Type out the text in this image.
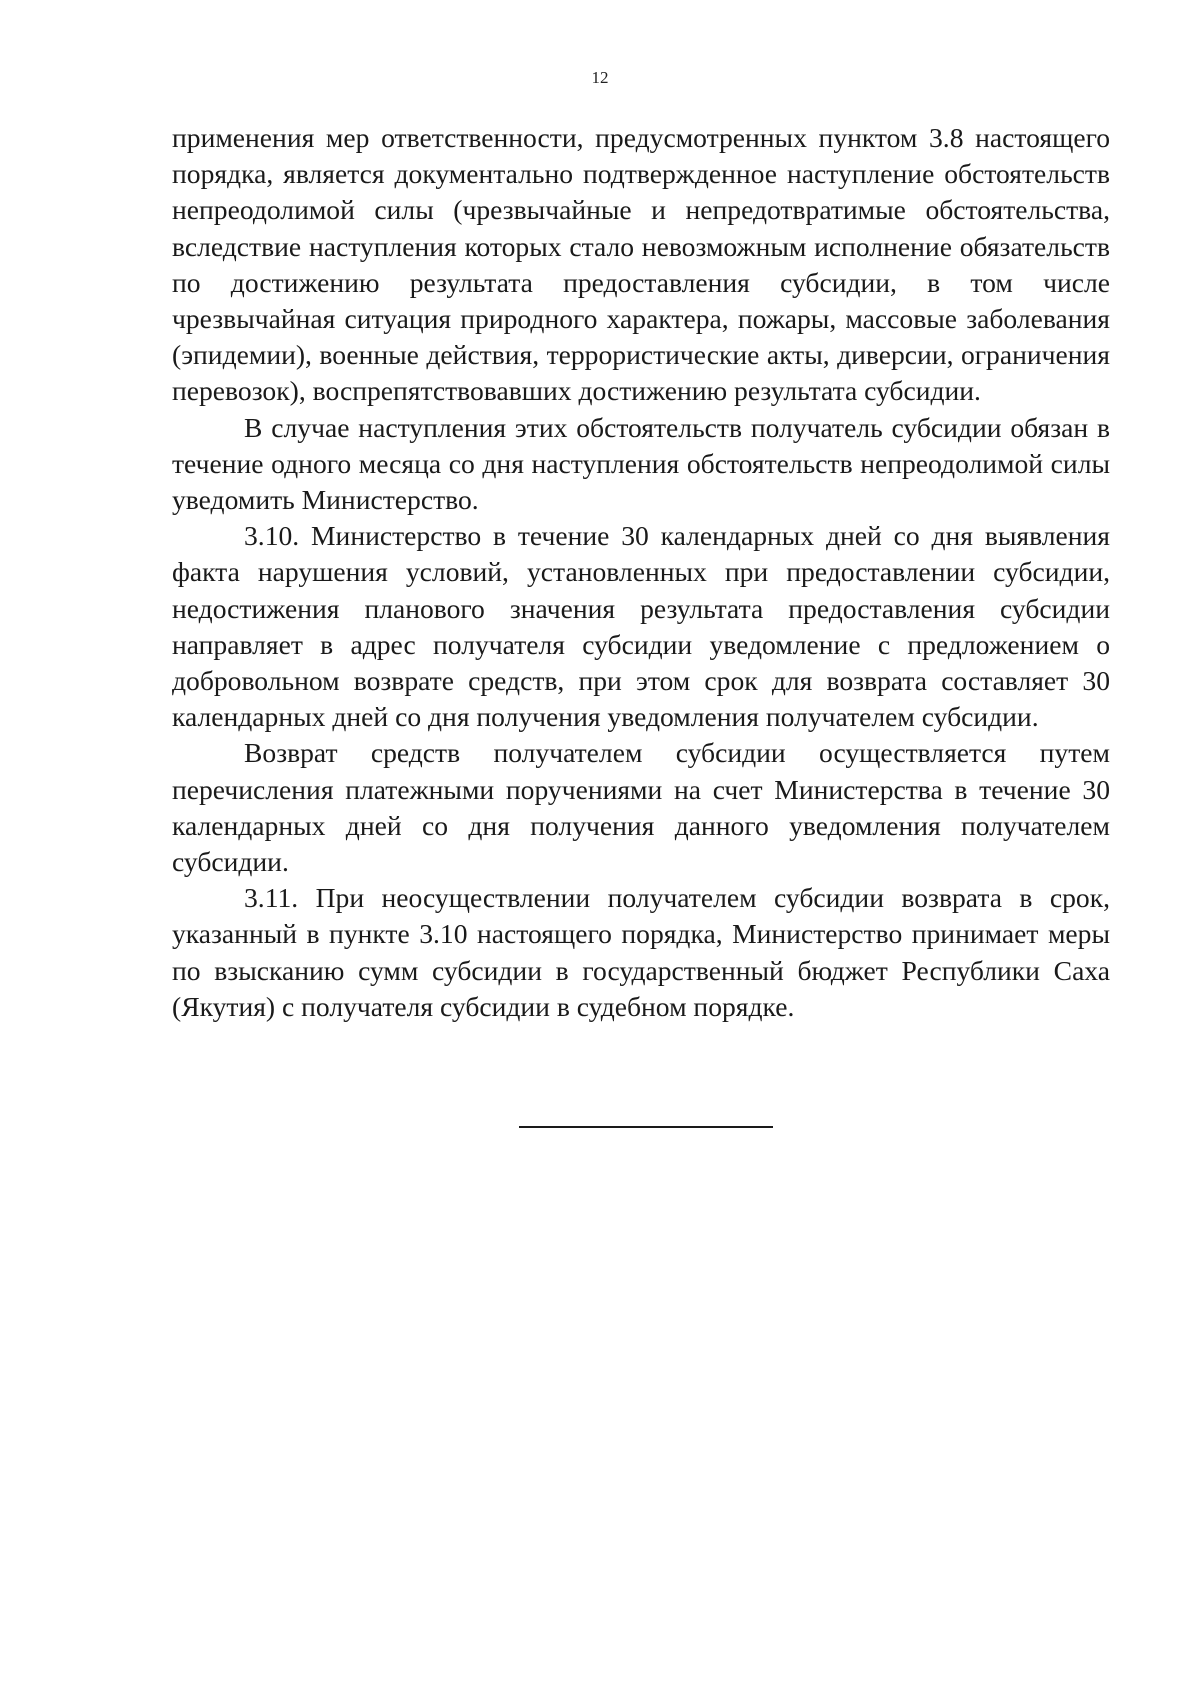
12

применения мер ответственности, предусмотренных пунктом 3.8 настоящего порядка, является документально подтвержденное наступление обстоятельств непреодолимой силы (чрезвычайные и непредотвратимые обстоятельства, вследствие наступления которых стало невозможным исполнение обязательств по достижению результата предоставления субсидии, в том числе чрезвычайная ситуация природного характера, пожары, массовые заболевания (эпидемии), военные действия, террористические акты, диверсии, ограничения перевозок), воспрепятствовавших достижению результата субсидии.

В случае наступления этих обстоятельств получатель субсидии обязан в течение одного месяца со дня наступления обстоятельств непреодолимой силы уведомить Министерство.

3.10. Министерство в течение 30 календарных дней со дня выявления факта нарушения условий, установленных при предоставлении субсидии, недостижения планового значения результата предоставления субсидии направляет в адрес получателя субсидии уведомление с предложением о добровольном возврате средств, при этом срок для возврата составляет 30 календарных дней со дня получения уведомления получателем субсидии.

Возврат средств получателем субсидии осуществляется путем перечисления платежными поручениями на счет Министерства в течение 30 календарных дней со дня получения данного уведомления получателем субсидии.

3.11. При неосуществлении получателем субсидии возврата в срок, указанный в пункте 3.10 настоящего порядка, Министерство принимает меры по взысканию сумм субсидии в государственный бюджет Республики Саха (Якутия) с получателя субсидии в судебном порядке.
